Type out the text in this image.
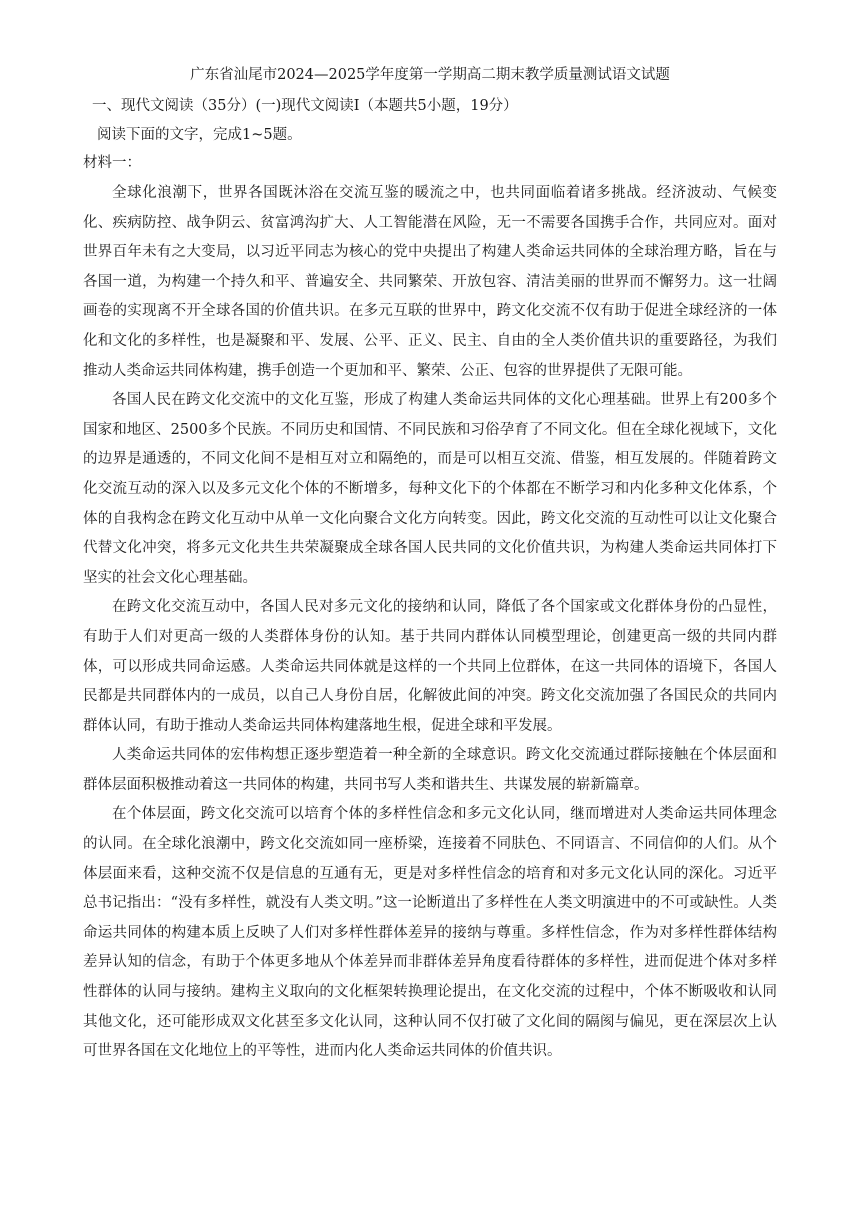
广东省汕尾市2024—2025学年度第一学期高二期末教学质量测试语文试题
一、现代文阅读（35分）(一)现代文阅读Ⅰ（本题共5小题，19分）
阅读下面的文字，完成1~5题。
材料一：

全球化浪潮下，世界各国既沐浴在交流互鉴的暖流之中，也共同面临着诸多挑战。经济波动、气候变化、疾病防控、战争阴云、贫富鸿沟扩大、人工智能潜在风险，无一不需要各国携手合作，共同应对。面对世界百年未有之大变局，以习近平同志为核心的党中央提出了构建人类命运共同体的全球治理方略，旨在与各国一道，为构建一个持久和平、普遍安全、共同繁荣、开放包容、清洁美丽的世界而不懈努力。这一壮阔画卷的实现离不开全球各国的价值共识。在多元互联的世界中，跨文化交流不仅有助于促进全球经济的一体化和文化的多样性，也是凝聚和平、发展、公平、正义、民主、自由的全人类价值共识的重要路径，为我们推动人类命运共同体构建，携手创造一个更加和平、繁荣、公正、包容的世界提供了无限可能。

各国人民在跨文化交流中的文化互鉴，形成了构建人类命运共同体的文化心理基础。世界上有200多个国家和地区、2500多个民族。不同历史和国情、不同民族和习俗孕育了不同文化。但在全球化视域下，文化的边界是通透的，不同文化间不是相互对立和隔绝的，而是可以相互交流、借鉴，相互发展的。伴随着跨文化交流互动的深入以及多元文化个体的不断增多，每种文化下的个体都在不断学习和内化多种文化体系，个体的自我构念在跨文化互动中从单一文化向聚合文化方向转变。因此，跨文化交流的互动性可以让文化聚合代替文化冲突，将多元文化共生共荣凝聚成全球各国人民共同的文化价值共识，为构建人类命运共同体打下坚实的社会文化心理基础。

在跨文化交流互动中，各国人民对多元文化的接纳和认同，降低了各个国家或文化群体身份的凸显性，有助于人们对更高一级的人类群体身份的认知。基于共同内群体认同模型理论，创建更高一级的共同内群体，可以形成共同命运感。人类命运共同体就是这样的一个共同上位群体，在这一共同体的语境下，各国人民都是共同群体内的一成员，以自己人身份自居，化解彼此间的冲突。跨文化交流加强了各国民众的共同内群体认同，有助于推动人类命运共同体构建落地生根，促进全球和平发展。

人类命运共同体的宏伟构想正逐步塑造着一种全新的全球意识。跨文化交流通过群际接触在个体层面和群体层面积极推动着这一共同体的构建，共同书写人类和谐共生、共谋发展的崭新篇章。

在个体层面，跨文化交流可以培育个体的多样性信念和多元文化认同，继而增进对人类命运共同体理念的认同。在全球化浪潮中，跨文化交流如同一座桥梁，连接着不同肤色、不同语言、不同信仰的人们。从个体层面来看，这种交流不仅是信息的互通有无，更是对多样性信念的培育和对多元文化认同的深化。习近平总书记指出：“没有多样性，就没有人类文明。”这一论断道出了多样性在人类文明演进中的不可或缺性。人类命运共同体的构建本质上反映了人们对多样性群体差异的接纳与尊重。多样性信念，作为对多样性群体结构差异认知的信念，有助于个体更多地从个体差异而非群体差异角度看待群体的多样性，进而促进个体对多样性群体的认同与接纳。建构主义取向的文化框架转换理论提出，在文化交流的过程中，个体不断吸收和认同其他文化，还可能形成双文化甚至多文化认同，这种认同不仅打破了文化间的隔阂与偏见，更在深层次上认可世界各国在文化地位上的平等性，进而内化人类命运共同体的价值共识。
